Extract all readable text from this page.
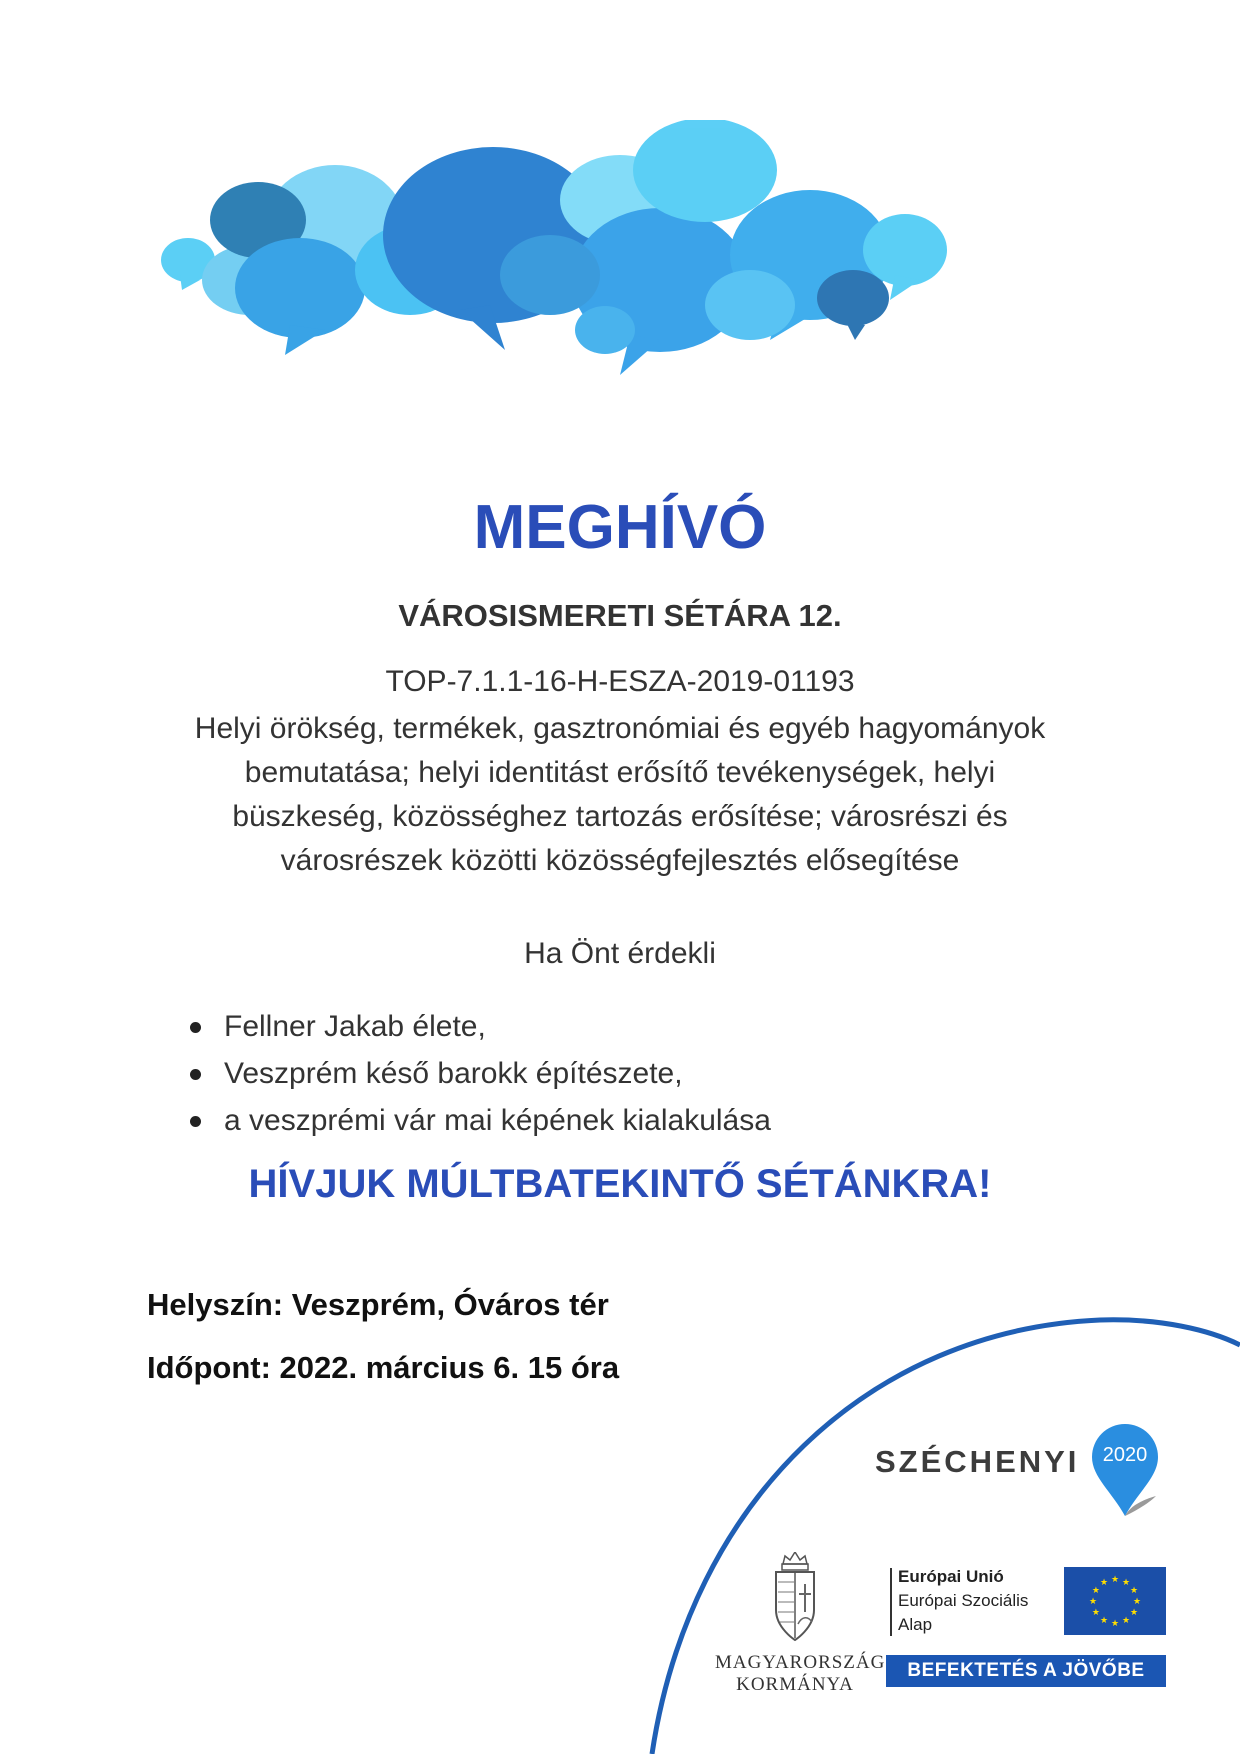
MEGHÍVÓ
VÁROSISMERETI SÉTÁRA 12.
TOP-7.1.1-16-H-ESZA-2019-01193
Helyi örökség, termékek, gasztronómiai és egyéb hagyományok
bemutatása; helyi identitást erősítő tevékenységek, helyi
büszkeség, közösséghez tartozás erősítése; városrészi és
városrészek közötti közösségfejlesztés elősegítése
Ha Önt érdekli
Fellner Jakab élete,
Veszprém késő barokk építészete,
a veszprémi vár mai képének kialakulása
HÍVJUK MÚLTBATEKINTŐ SÉTÁNKRA!
Helyszín: Veszprém, Óváros tér
Időpont: 2022. március 6. 15 óra
SZÉCHENYI	2020
MAGYARORSZÁG
KORMÁNYA
Európai Unió
Európai Szociális
Alap
★ ★
★
★
★
★
★
★
★
★
★
★
BEFEKTETÉS A JÖVŐBE
